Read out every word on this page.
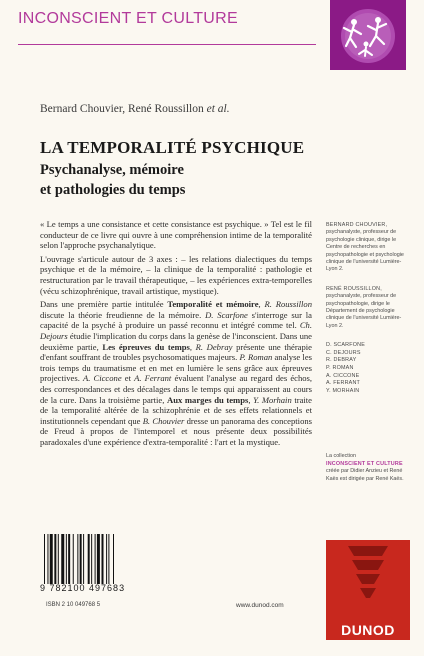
INCONSCIENT ET CULTURE
Bernard Chouvier, René Roussillon et al.
LA TEMPORALITÉ PSYCHIQUE
Psychanalyse, mémoire
et pathologies du temps

« Le temps a une consistance et cette consistance est psychique. » Tel est le fil conducteur de ce livre qui ouvre à une compréhension intime de la temporalité selon l'approche psychanalytique.

L'ouvrage s'articule autour de 3 axes : – les relations dialectiques du temps psychique et de la mémoire, – la clinique de la temporalité : pathologie et restructuration par le travail thérapeutique, – les expériences extra-temporelles (vécu schizophrénique, travail artistique, mystique).

Dans une première partie intitulée Temporalité et mémoire, R. Roussillon discute la théorie freudienne de la mémoire. D. Scarfone s'interroge sur la capacité de la psyché à produire un passé reconnu et intégré comme tel. Ch. Dejours étudie l'implication du corps dans la genèse de l'inconscient. Dans une deuxième partie, Les épreuves du temps, R. Debray présente une thérapie d'enfant souffrant de troubles psychosomatiques majeurs. P. Roman analyse les trois temps du traumatisme et en met en lumière le sens grâce aux épreuves projectives. A. Ciccone et A. Ferrant évaluent l'analyse au regard des échos, des correspondances et des décalages dans le temps qui apparaissent au cours de la cure. Dans la troisième partie, Aux marges du temps, Y. Morhain traite de la temporalité altérée de la schizophrénie et de ses effets relationnels et institutionnels cependant que B. Chouvier dresse un panorama des conceptions de Freud à propos de l'intemporel et nous présente deux possibilités paradoxales d'une expérience d'extra-temporalité : l'art et la mystique.

BERNARD CHOUVIER,
psychanalyste, professeur de psychologie clinique, dirige le Centre de recherches en psychopathologie et psychologie clinique de l'université Lumière-Lyon 2.
RENÉ ROUSSILLON,
psychanalyste, professeur de psychopathologie, dirige le Département de psychologie clinique de l'université Lumière-Lyon 2.
D. SCARFONE
C. DEJOURS
R. DEBRAY
P. ROMAN
A. CICCONE
A. FERRANT
Y. MORHAIN
La collection
INCONSCIENT ET CULTURE
créée par Didier Anzieu et René Kaës est dirigée par René Kaës.
9 782100 497683
ISBN 2 10 049768 5	www.dunod.com
DUNOD
